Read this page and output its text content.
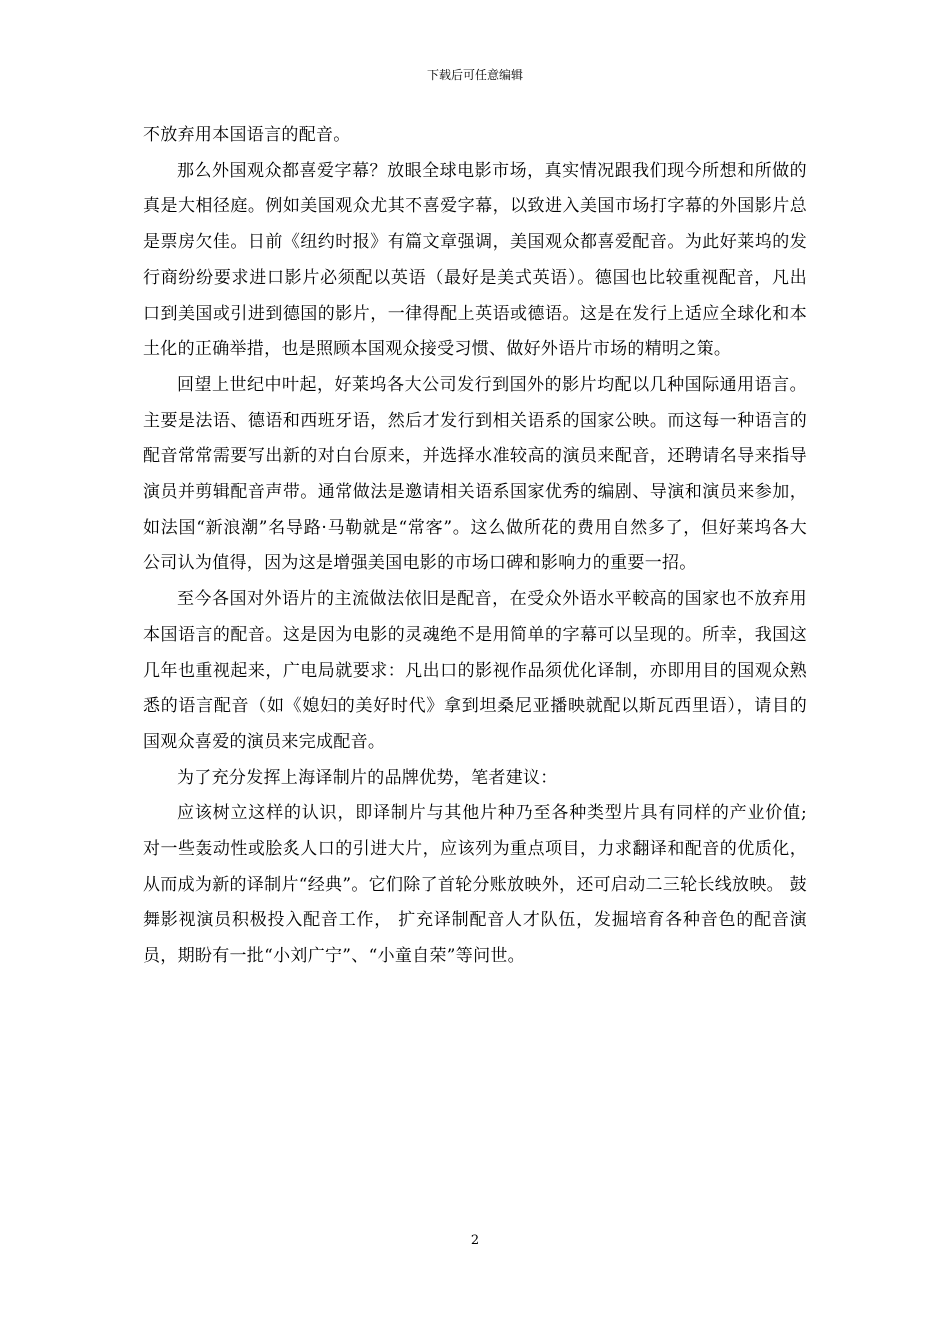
下载后可任意编辑

不放弃用本国语言的配音。

那么外国观众都喜爱字幕？放眼全球电影市场，真实情况跟我们现今所想和所做的真是大相径庭。例如美国观众尤其不喜爱字幕，以致进入美国市场打字幕的外国影片总是票房欠佳。日前《纽约时报》有篇文章强调，美国观众都喜爱配音。为此好莱坞的发行商纷纷要求进口影片必须配以英语（最好是美式英语）。德国也比较重视配音，凡出口到美国或引进到德国的影片，一律得配上英语或德语。这是在发行上适应全球化和本土化的正确举措，也是照顾本国观众接受习惯、做好外语片市场的精明之策。

回望上世纪中叶起，好莱坞各大公司发行到国外的影片均配以几种国际通用语言。主要是法语、德语和西班牙语，然后才发行到相关语系的国家公映。而这每一种语言的配音常常需要写出新的对白台原来，并选择水准较高的演员来配音，还聘请名导来指导演员并剪辑配音声带。通常做法是邀请相关语系国家优秀的编剧、导演和演员来参加，如法国“新浪潮”名导路·马勒就是“常客”。这么做所花的费用自然多了，但好莱坞各大公司认为值得，因为这是增强美国电影的市场口碑和影响力的重要一招。

至今各国对外语片的主流做法依旧是配音，在受众外语水平較高的国家也不放弃用本国语言的配音。这是因为电影的灵魂绝不是用简单的字幕可以呈现的。所幸，我国这几年也重视起来，广电局就要求：凡出口的影视作品须优化译制，亦即用目的国观众熟悉的语言配音（如《媳妇的美好时代》拿到坦桑尼亚播映就配以斯瓦西里语），请目的国观众喜爱的演员来完成配音。

为了充分发挥上海译制片的品牌优势，笔者建议：

应该树立这样的认识，即译制片与其他片种乃至各种类型片具有同样的产业价值; 对一些轰动性或脍炙人口的引进大片，应该列为重点项目，力求翻译和配音的优质化，从而成为新的译制片“经典”。它们除了首轮分账放映外，还可启动二三轮长线放映。 鼓舞影视演员积极投入配音工作， 扩充译制配音人才队伍，发掘培育各种音色的配音演员，期盼有一批“小刘广宁”、“小童自荣”等问世。

2
